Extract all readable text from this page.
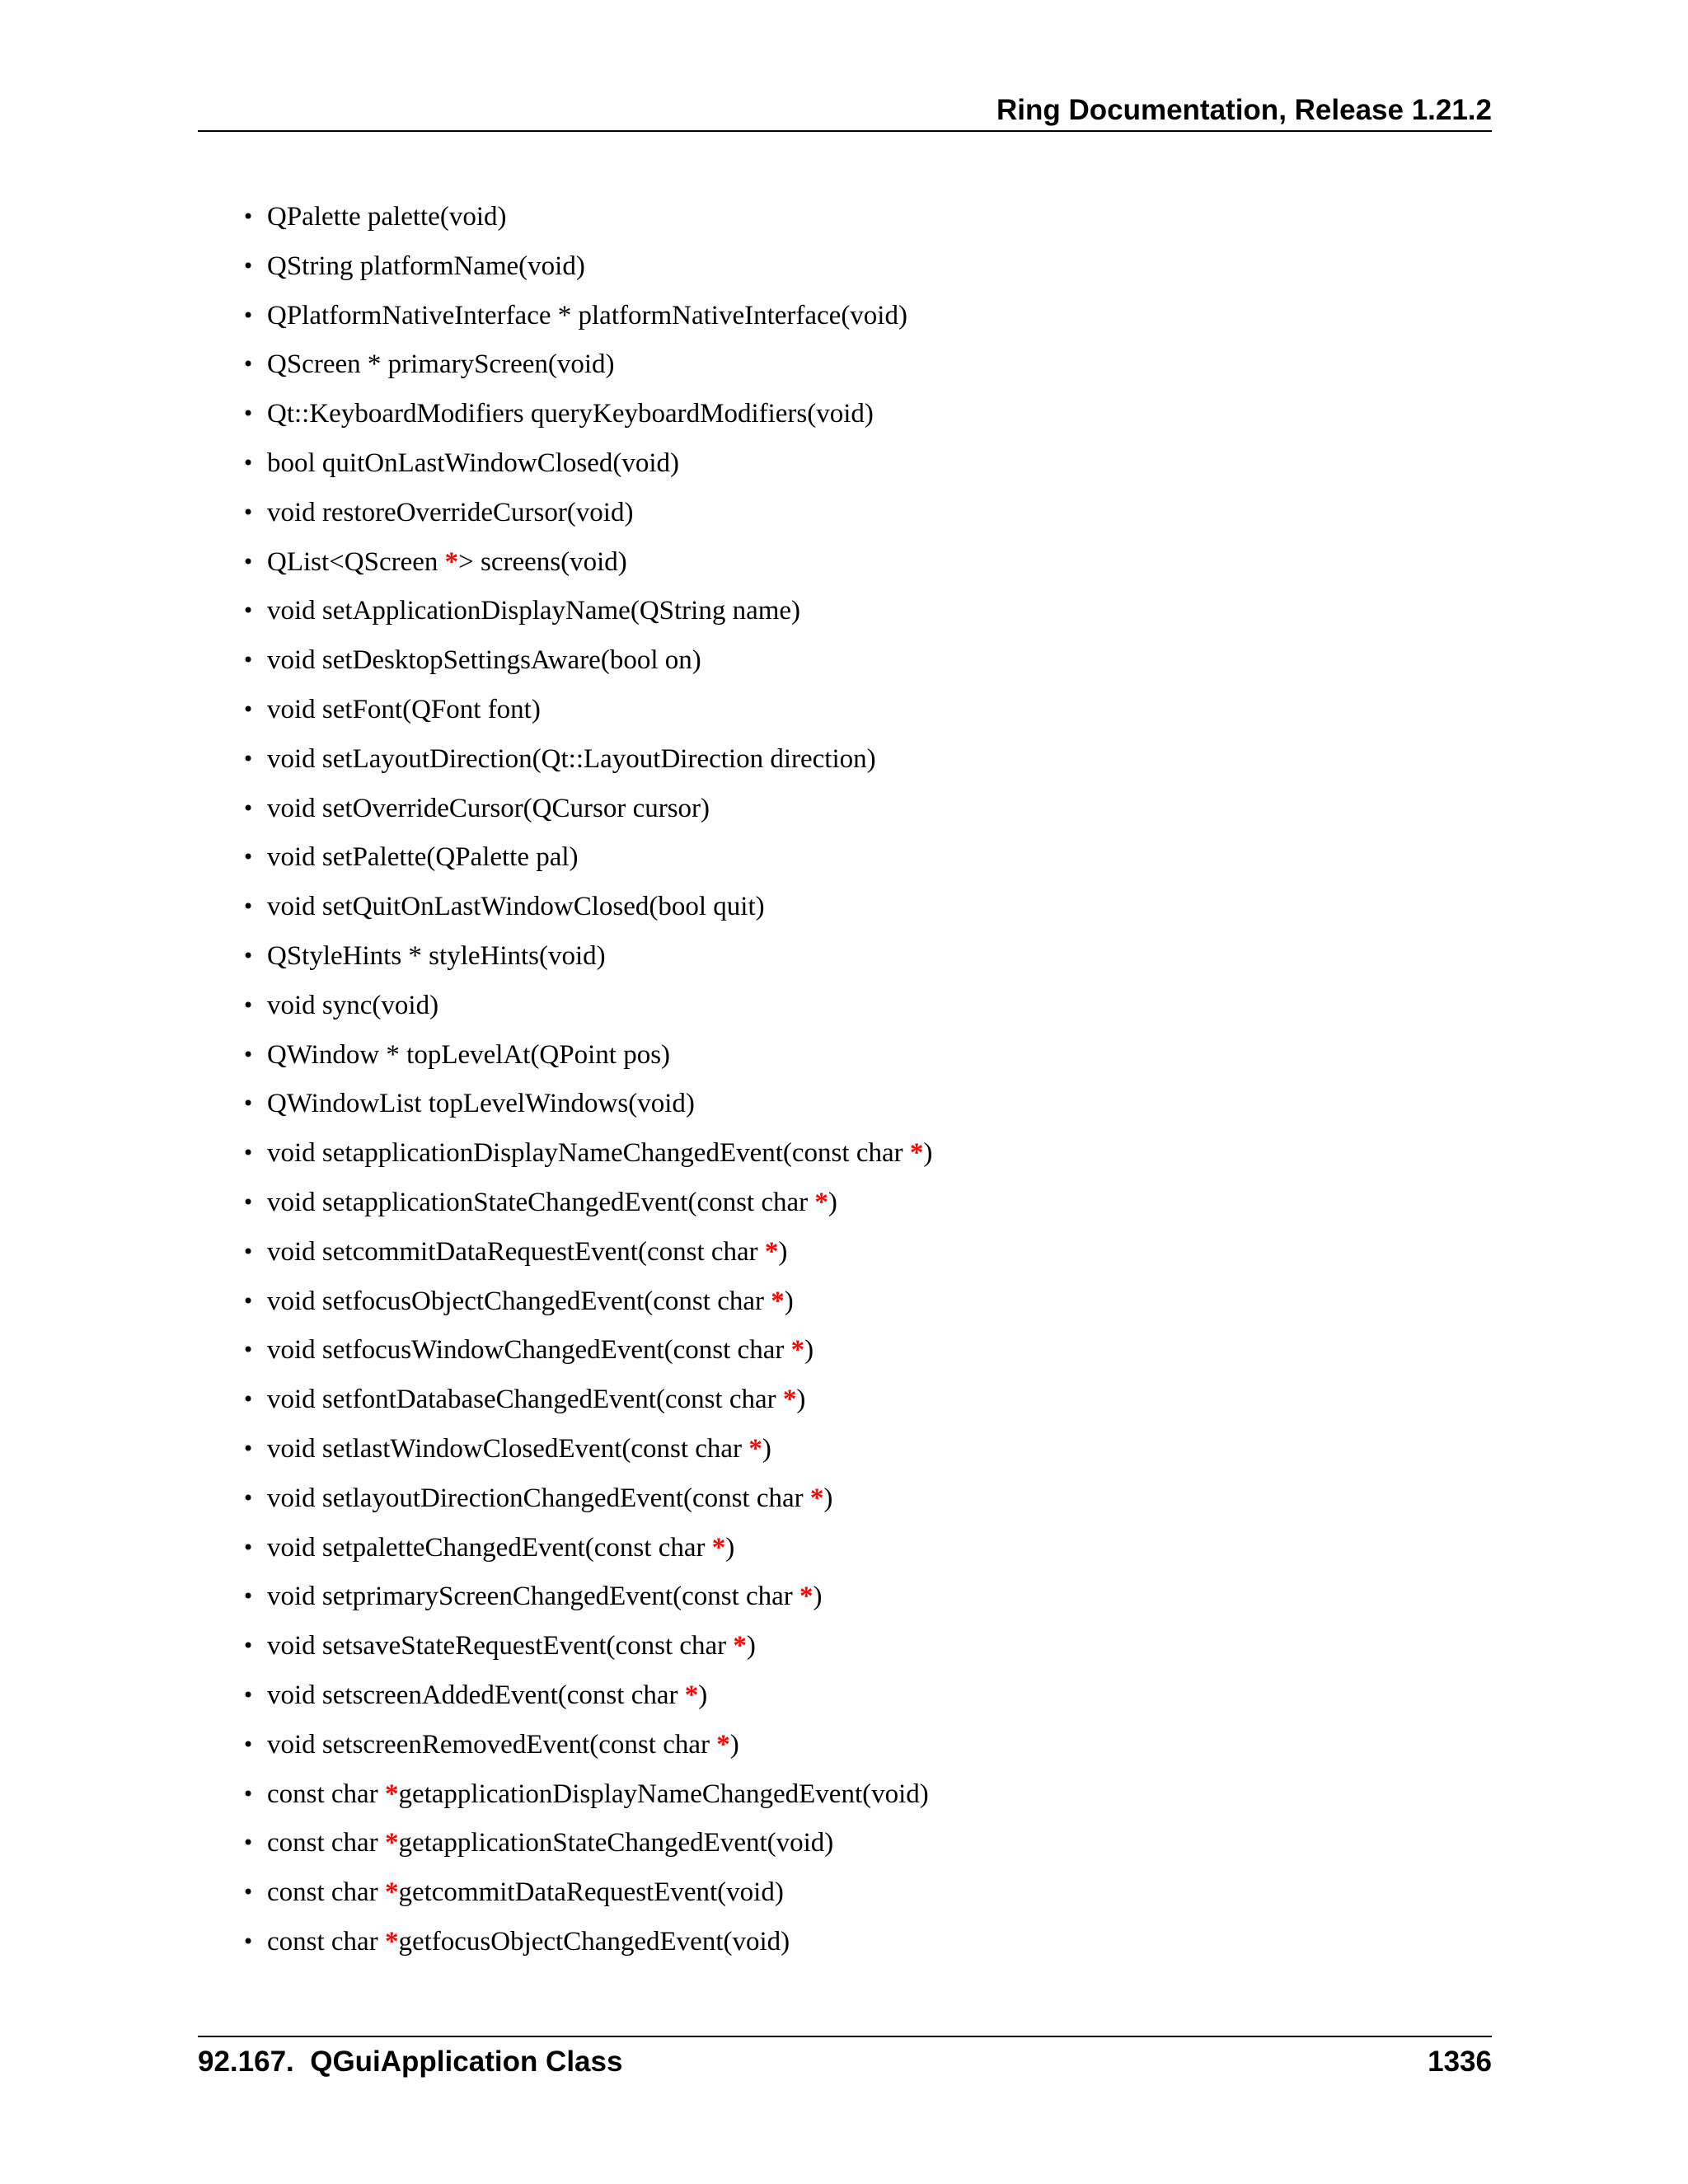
Ring Documentation, Release 1.21.2
• QPalette palette(void)
• QString platformName(void)
• QPlatformNativeInterface * platformNativeInterface(void)
• QScreen * primaryScreen(void)
• Qt::KeyboardModifiers queryKeyboardModifiers(void)
• bool quitOnLastWindowClosed(void)
• void restoreOverrideCursor(void)
• QList<QScreen *> screens(void)
• void setApplicationDisplayName(QString name)
• void setDesktopSettingsAware(bool on)
• void setFont(QFont font)
• void setLayoutDirection(Qt::LayoutDirection direction)
• void setOverrideCursor(QCursor cursor)
• void setPalette(QPalette pal)
• void setQuitOnLastWindowClosed(bool quit)
• QStyleHints * styleHints(void)
• void sync(void)
• QWindow * topLevelAt(QPoint pos)
• QWindowList topLevelWindows(void)
• void setapplicationDisplayNameChangedEvent(const char *)
• void setapplicationStateChangedEvent(const char *)
• void setcommitDataRequestEvent(const char *)
• void setfocusObjectChangedEvent(const char *)
• void setfocusWindowChangedEvent(const char *)
• void setfontDatabaseChangedEvent(const char *)
• void setlastWindowClosedEvent(const char *)
• void setlayoutDirectionChangedEvent(const char *)
• void setpaletteChangedEvent(const char *)
• void setprimaryScreenChangedEvent(const char *)
• void setsaveStateRequestEvent(const char *)
• void setscreenAddedEvent(const char *)
• void setscreenRemovedEvent(const char *)
• const char *getapplicationDisplayNameChangedEvent(void)
• const char *getapplicationStateChangedEvent(void)
• const char *getcommitDataRequestEvent(void)
• const char *getfocusObjectChangedEvent(void)
92.167.  QGuiApplication Class	1336
